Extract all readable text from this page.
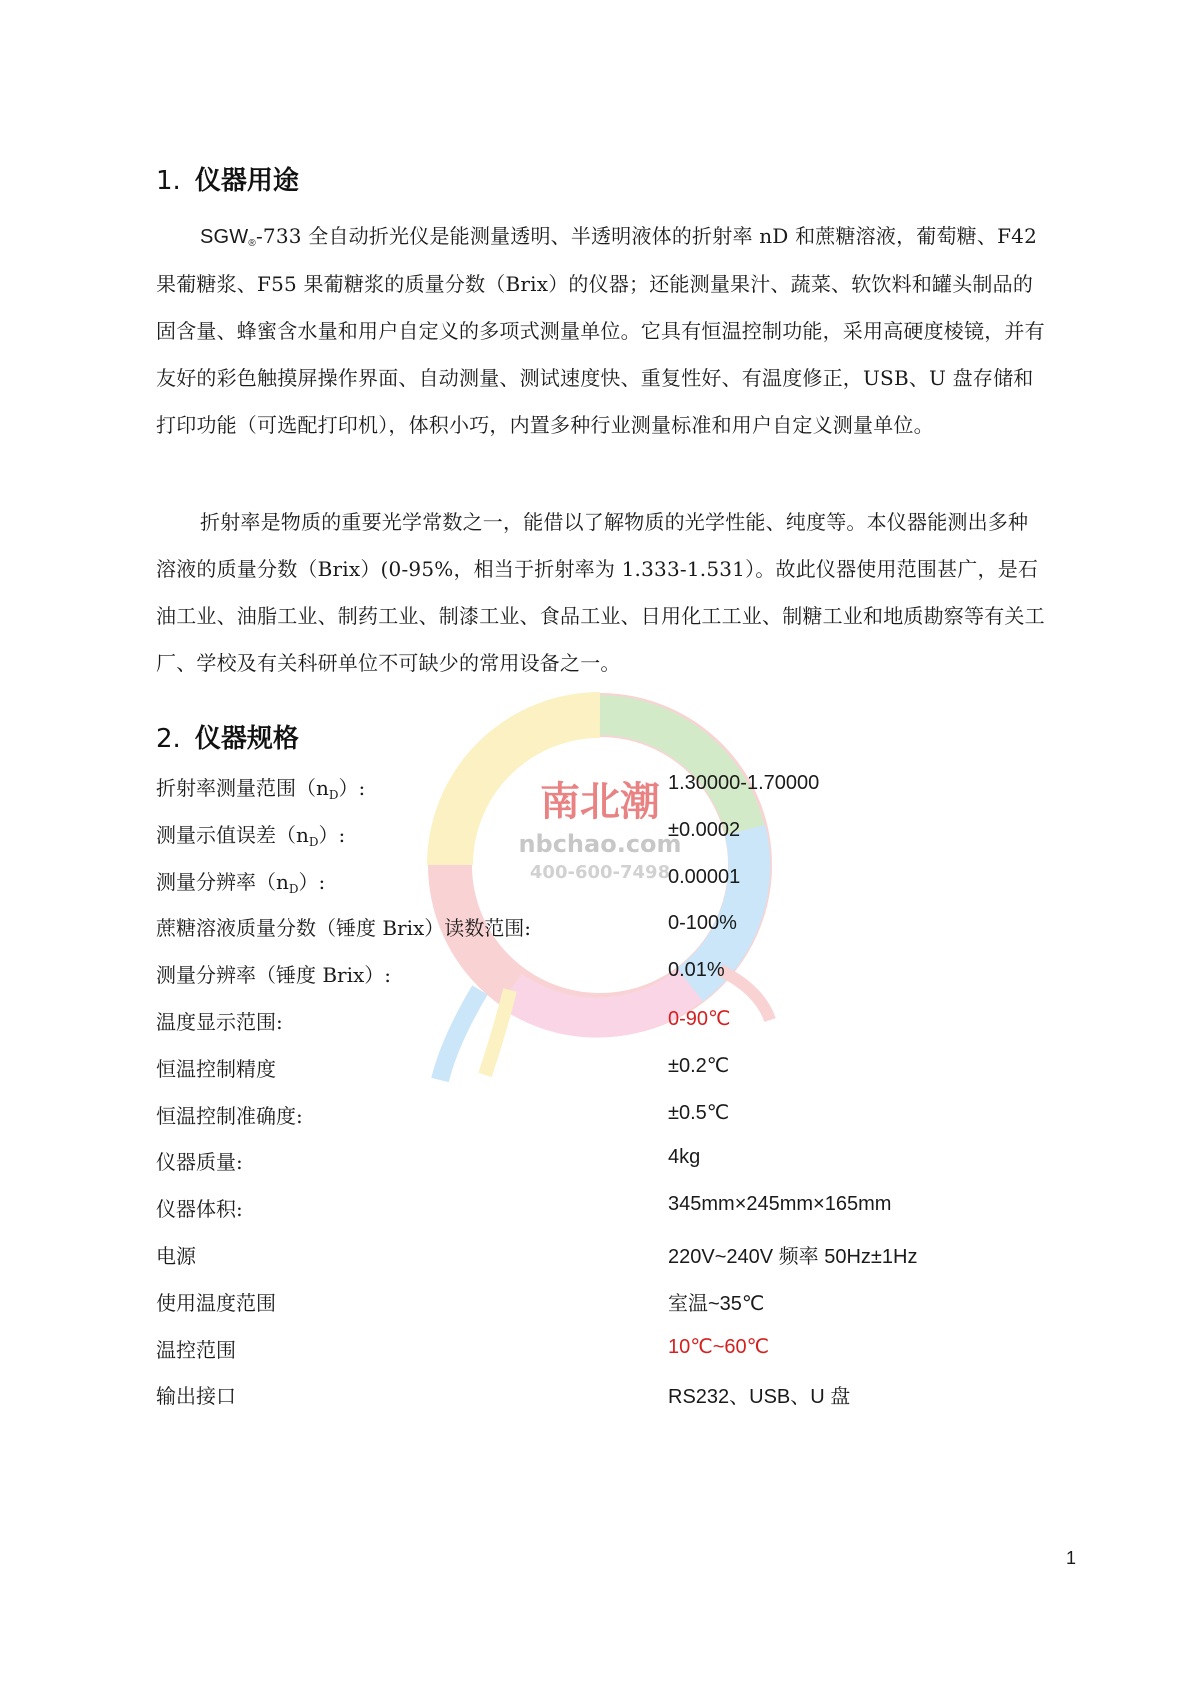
1. 仪器用途

SGW®-733 全自动折光仪是能测量透明、半透明液体的折射率 nD 和蔗糖溶液，葡萄糖、F42 果葡糖浆、F55 果葡糖浆的质量分数（Brix）的仪器；还能测量果汁、蔬菜、软饮料和罐头制品的固含量、蜂蜜含水量和用户自定义的多项式测量单位。它具有恒温控制功能，采用高硬度棱镜，并有友好的彩色触摸屏操作界面、自动测量、测试速度快、重复性好、有温度修正，USB、U 盘存储和打印功能（可选配打印机），体积小巧，内置多种行业测量标准和用户自定义测量单位。

折射率是物质的重要光学常数之一，能借以了解物质的光学性能、纯度等。本仪器能测出多种溶液的质量分数（Brix）(0-95%，相当于折射率为 1.333-1.531）。故此仪器使用范围甚广，是石油工业、油脂工业、制药工业、制漆工业、食品工业、日用化工工业、制糖工业和地质勘察等有关工厂、学校及有关科研单位不可缺少的常用设备之一。

南北潮
nbchao.com
400-600-7498
2. 仪器规格
折射率测量范围$(n_D)$:	1.30000-1.70000
测量示值误差$(n_D)$:	±0.0002
测量分辨率$(n_D)$:	0.00001
蔗糖溶液质量分数（锤度 Brix）读数范围:	0-100%
测量分辨率（锤度 Brix）:	0.01%
温度显示范围:	0-90℃
恒温控制精度	±0.2℃
恒温控制准确度:	±0.5℃
仪器质量:	4kg
仪器体积:	345mm×245mm×165mm
电源	220V~240V 频率 50Hz±1Hz
使用温度范围	室温~35℃
温控范围	10℃~60℃
输出接口	RS232、USB、U 盘
1
